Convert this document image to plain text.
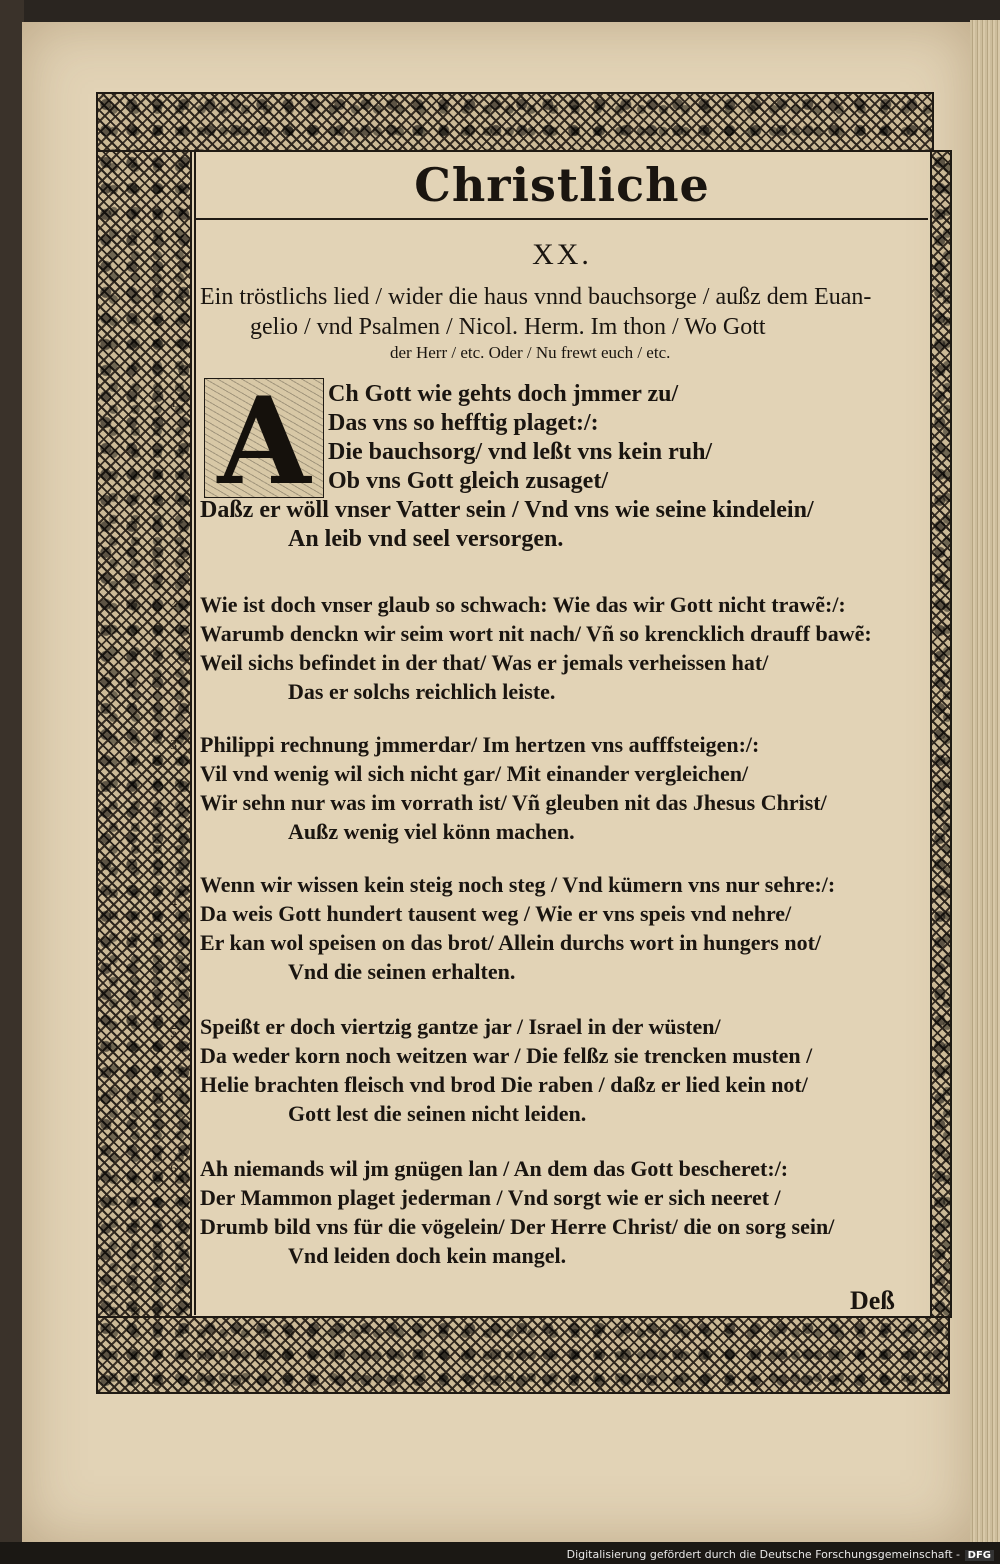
Christliche
XX.
Ein tröstlichs lied / wider die haus vnnd bauchsorge / außz dem Euan-
gelio / vnd Psalmen / Nicol. Herm. Im thon / Wo Gott
der Herr / etc. Oder / Nu frewt euch / etc.
A
1	Ch Gott wie gehts doch jmmer zu/
Das vns so hefftig plaget:/:
Die bauchsorg/ vnd leßt vns kein ruh/
Ob vns Gott gleich zusaget/
Daßz er wöll vnser Vatter sein / Vnd vns wie seine kindelein/
An leib vnd seel versorgen.
2 Wie ist doch vnser glaub so schwach: Wie das wir Gott nicht trawẽ:/:
Warumb denckn wir seim wort nit nach/ Vñ so krencklich drauff bawẽ:
Weil sichs befindet in der that/ Was er jemals verheissen hat/
Das er solchs reichlich leiste.
3 Philippi rechnung jmmerdar/ Im hertzen vns aufffsteigen:/:
Vil vnd wenig wil sich nicht gar/ Mit einander vergleichen/
Wir sehn nur was im vorrath ist/ Vñ gleuben nit das Jhesus Christ/
Außz wenig viel könn machen.
4
Wenn wir wissen kein steig noch steg / Vnd kümern vns nur sehre:/:
Da weis Gott hundert tausent weg / Wie er vns speis vnd nehre/
Er kan wol speisen on das brot/ Allein durchs wort in hungers not/
Vnd die seinen erhalten.
5 Speißt er doch viertzig gantze jar / Israel in der wüsten/
Da weder korn noch weitzen war / Die felßz sie trencken musten /
Helie brachten fleisch vnd brod Die raben / daßz er lied kein not/
Gott lest die seinen nicht leiden.
6 Ah niemands wil jm gnügen lan / An dem das Gott bescheret:/:
Der Mammon plaget jederman / Vnd sorgt wie er sich neeret /
Drumb bild vns für die vögelein/ Der Herre Christ/ die on sorg sein/
Vnd leiden doch kein mangel.
Deß
Digitalisierung gefördert durch die Deutsche Forschungsgemeinschaft - DFG
